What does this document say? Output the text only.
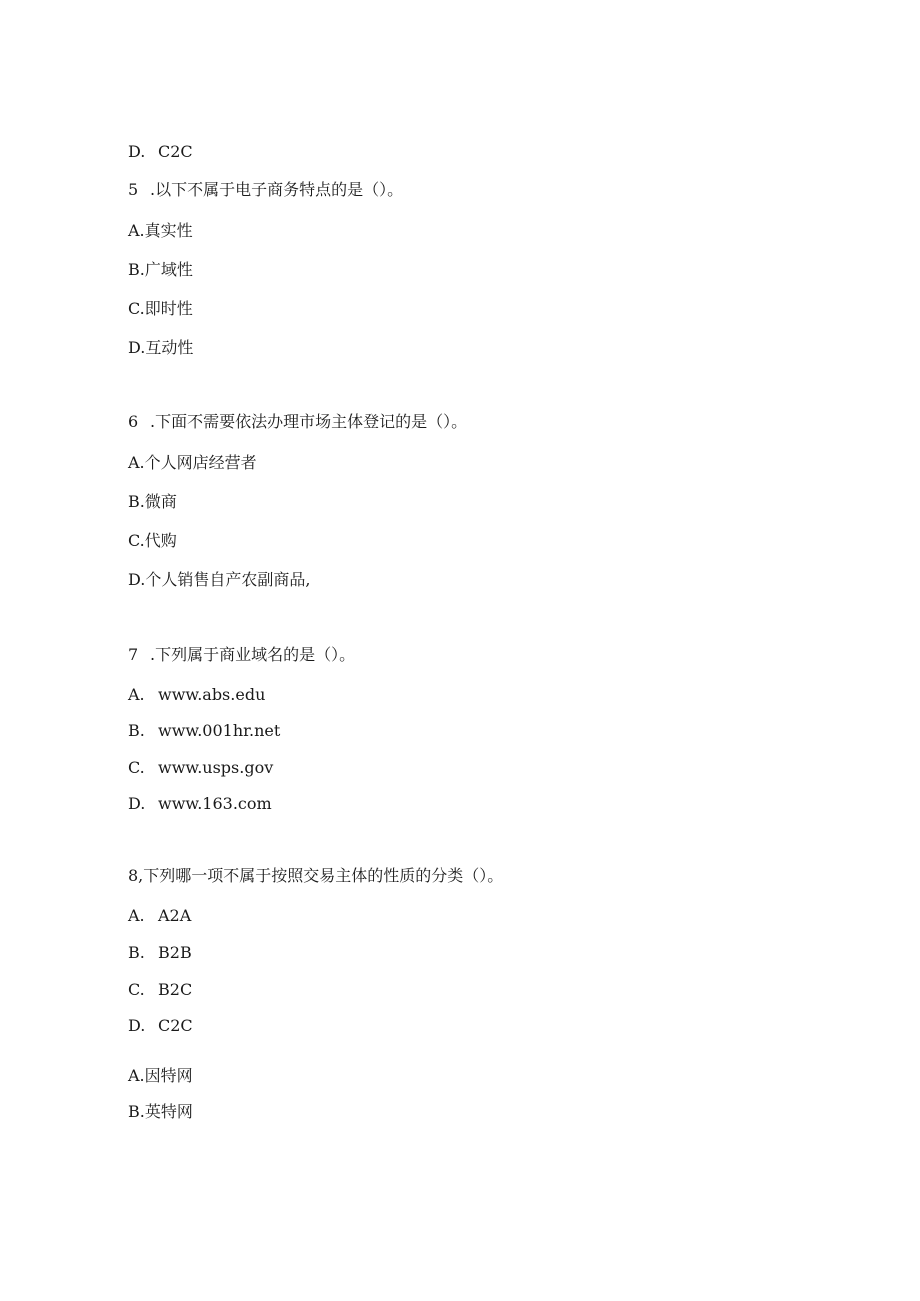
D. C2C
5 .以下不属于电子商务特点的是（）。
A.真实性
B.广域性
C.即时性
D.互动性
6 .下面不需要依法办理市场主体登记的是（）。
A.个人网店经营者
B.微商
C.代购
D.个人销售自产农副商品,
7 .下列属于商业域名的是（）。
A. www.abs.edu
B. www.001hr.net
C. www.usps.gov
D. www.163.com
8,下列哪一项不属于按照交易主体的性质的分类（）。
A. A2A
B. B2B
C. B2C
D. C2C
A.因特网
B.英特网
